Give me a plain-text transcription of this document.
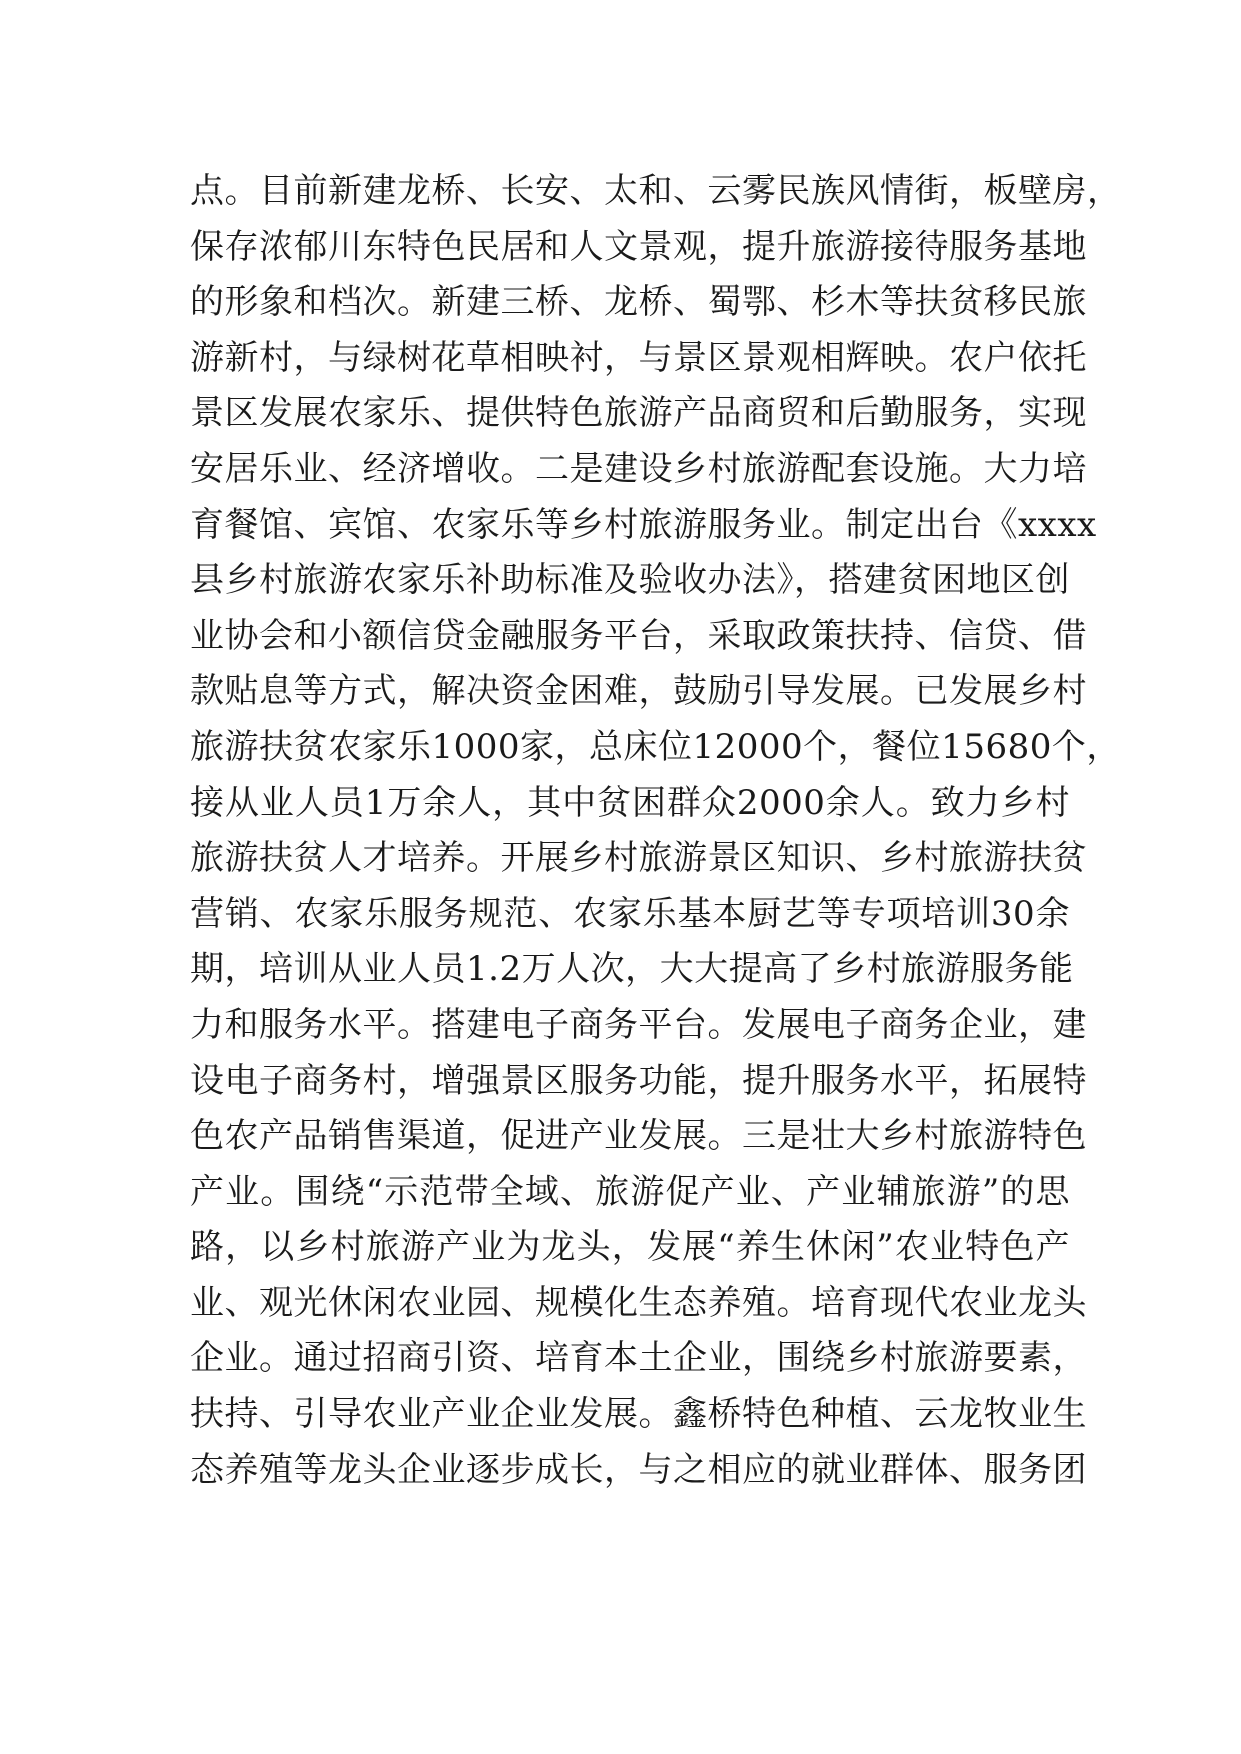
点。目前新建龙桥、长安、太和、云雾民族风情街，板壁房，
保存浓郁川东特色民居和人文景观，提升旅游接待服务基地
的形象和档次。新建三桥、龙桥、蜀鄂、杉木等扶贫移民旅
游新村，与绿树花草相映衬，与景区景观相辉映。农户依托
景区发展农家乐、提供特色旅游产品商贸和后勤服务，实现
安居乐业、经济增收。二是建设乡村旅游配套设施。大力培
育餐馆、宾馆、农家乐等乡村旅游服务业。制定出台《xxxx
县乡村旅游农家乐补助标准及验收办法》，搭建贫困地区创
业协会和小额信贷金融服务平台，采取政策扶持、信贷、借
款贴息等方式，解决资金困难，鼓励引导发展。已发展乡村
旅游扶贫农家乐1000家，总床位12000个，餐位15680个，
接从业人员1万余人，其中贫困群众2000余人。致力乡村
旅游扶贫人才培养。开展乡村旅游景区知识、乡村旅游扶贫
营销、农家乐服务规范、农家乐基本厨艺等专项培训30余
期，培训从业人员1.2万人次，大大提高了乡村旅游服务能
力和服务水平。搭建电子商务平台。发展电子商务企业，建
设电子商务村，增强景区服务功能，提升服务水平，拓展特
色农产品销售渠道，促进产业发展。三是壮大乡村旅游特色
产业。围绕“示范带全域、旅游促产业、产业辅旅游”的思
路，以乡村旅游产业为龙头，发展“养生休闲”农业特色产
业、观光休闲农业园、规模化生态养殖。培育现代农业龙头
企业。通过招商引资、培育本土企业，围绕乡村旅游要素，
扶持、引导农业产业企业发展。鑫桥特色种植、云龙牧业生
态养殖等龙头企业逐步成长，与之相应的就业群体、服务团
